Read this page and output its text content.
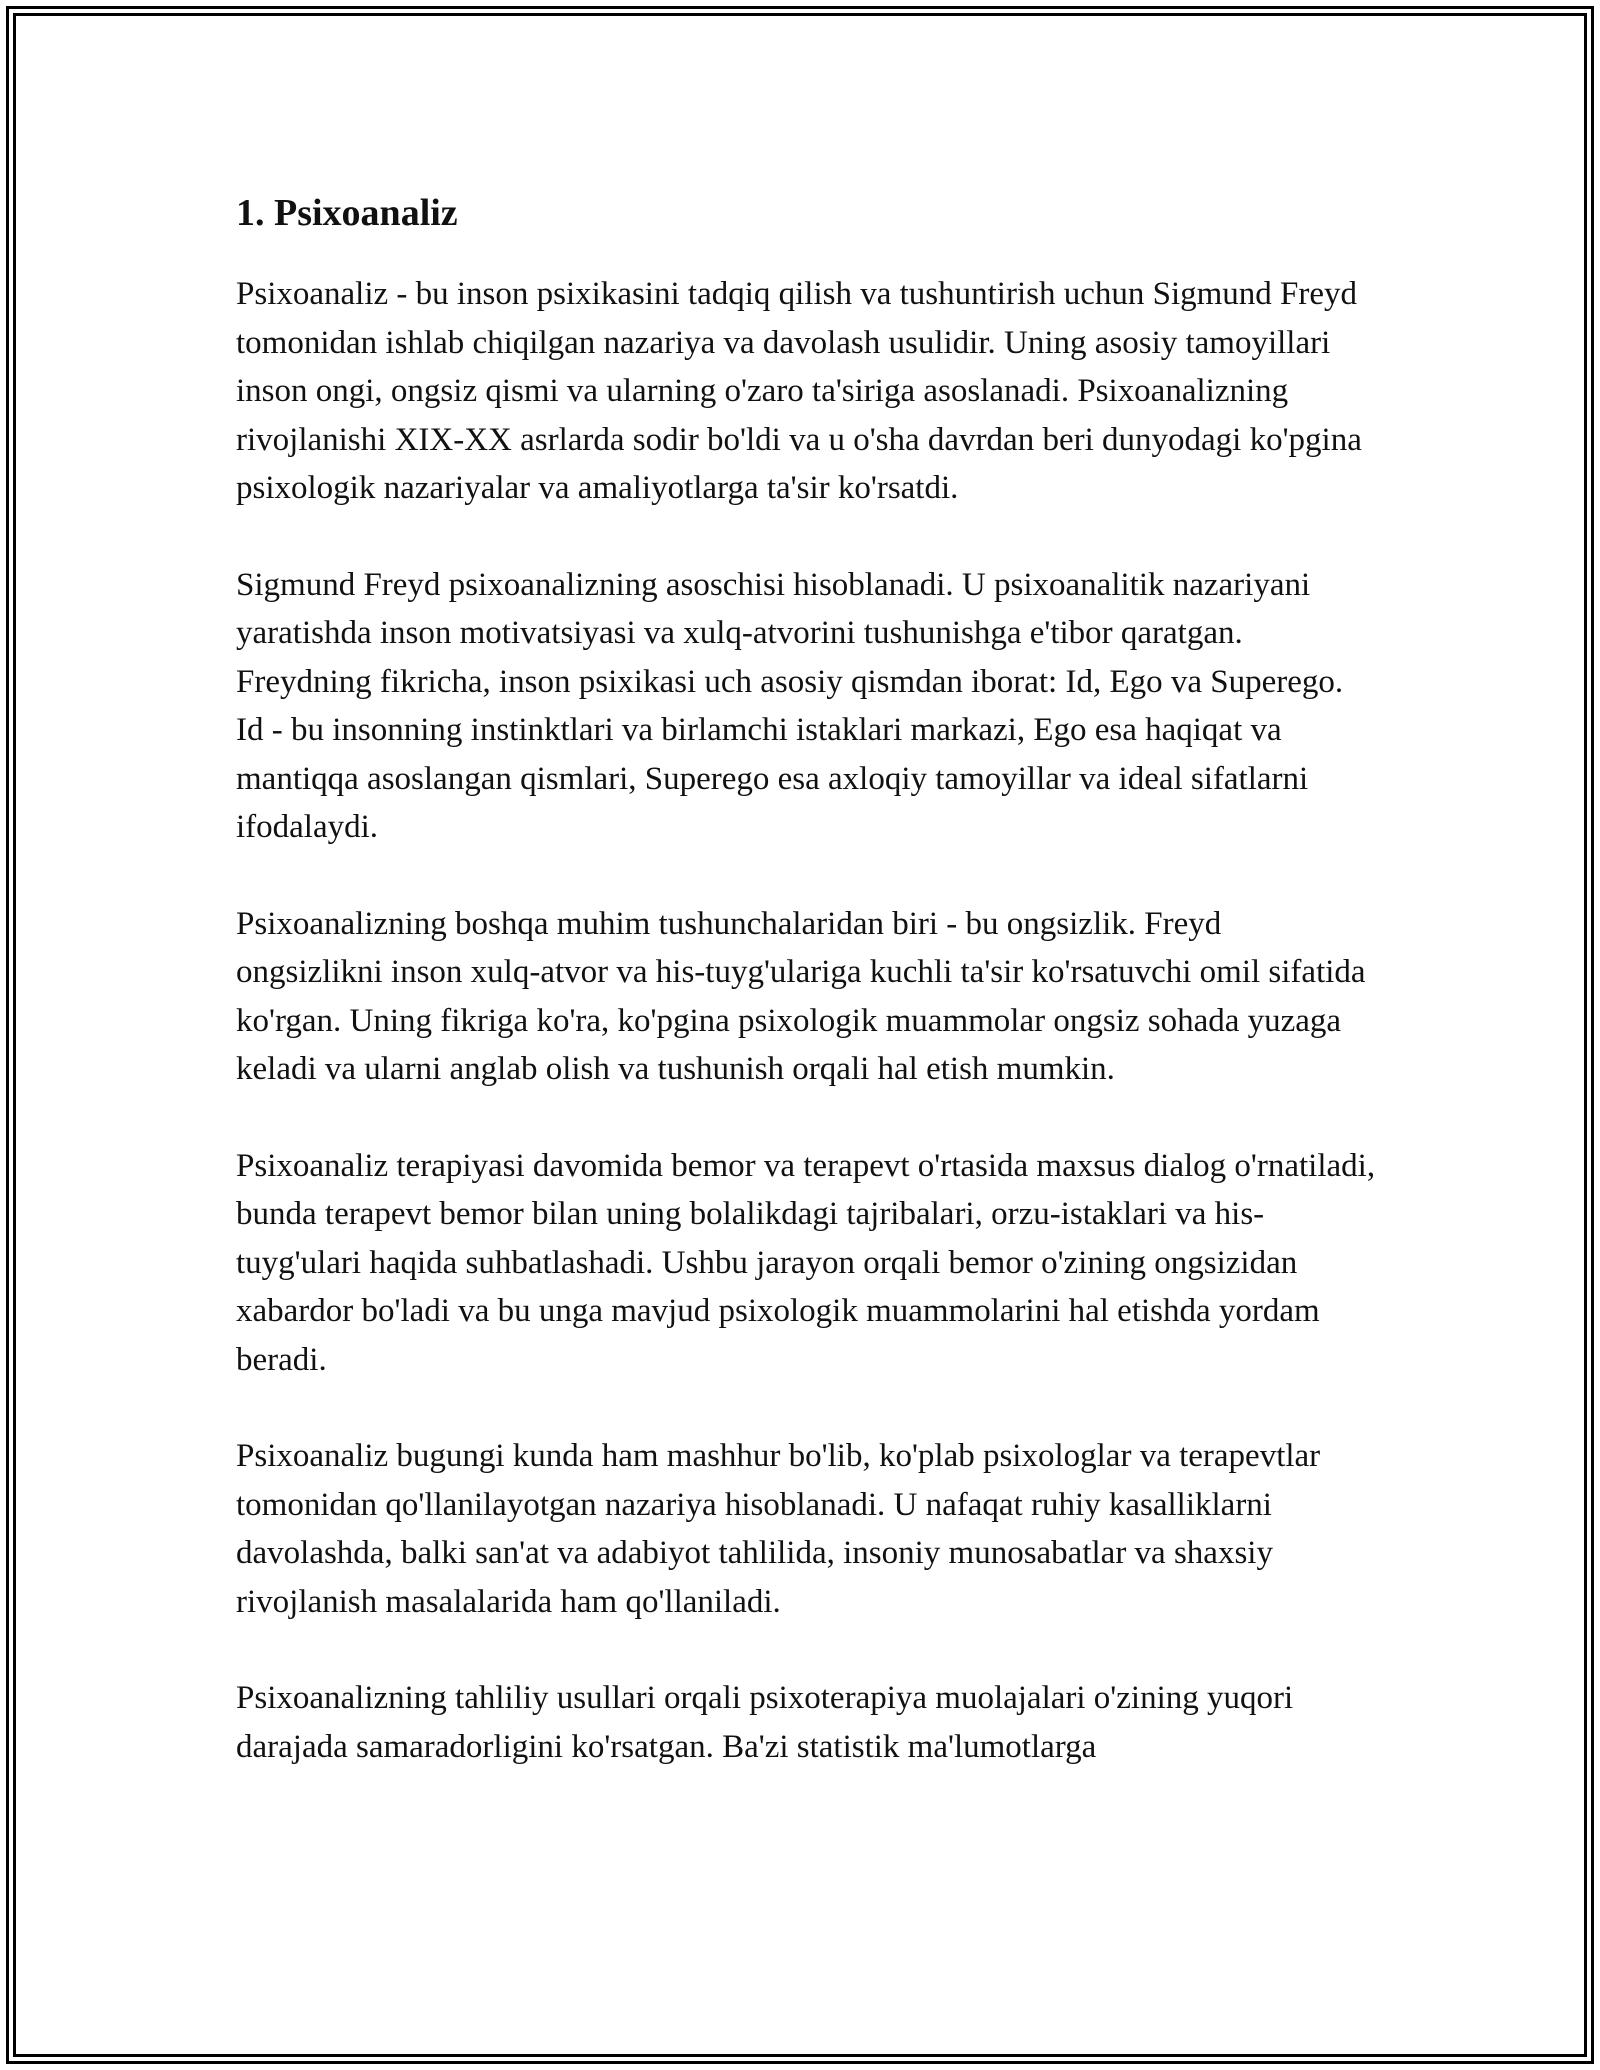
1. Psixoanaliz

Psixoanaliz - bu inson psixikasini tadqiq qilish va tushuntirish uchun Sigmund Freyd tomonidan ishlab chiqilgan nazariya va davolash usulidir. Uning asosiy tamoyillari inson ongi, ongsiz qismi va ularning o'zaro ta'siriga asoslanadi. Psixoanalizning rivojlanishi XIX-XX asrlarda sodir bo'ldi va u o'sha davrdan beri dunyodagi ko'pgina psixologik nazariyalar va amaliyotlarga ta'sir ko'rsatdi.

Sigmund Freyd psixoanalizning asoschisi hisoblanadi. U psixoanalitik nazariyani yaratishda inson motivatsiyasi va xulq-atvorini tushunishga e'tibor qaratgan. Freydning fikricha, inson psixikasi uch asosiy qismdan iborat: Id, Ego va Superego. Id - bu insonning instinktlari va birlamchi istaklari markazi, Ego esa haqiqat va mantiqqa asoslangan qismlari, Superego esa axloqiy tamoyillar va ideal sifatlarni ifodalaydi.

Psixoanalizning boshqa muhim tushunchalaridan biri - bu ongsizlik. Freyd ongsizlikni inson xulq-atvor va his-tuyg'ulariga kuchli ta'sir ko'rsatuvchi omil sifatida ko'rgan. Uning fikriga ko'ra, ko'pgina psixologik muammolar ongsiz sohada yuzaga keladi va ularni anglab olish va tushunish orqali hal etish mumkin.

Psixoanaliz terapiyasi davomida bemor va terapevt o'rtasida maxsus dialog o'rnatiladi, bunda terapevt bemor bilan uning bolalikdagi tajribalari, orzu-istaklari va his-tuyg'ulari haqida suhbatlashadi. Ushbu jarayon orqali bemor o'zining ongsizidan xabardor bo'ladi va bu unga mavjud psixologik muammolarini hal etishda yordam beradi.

Psixoanaliz bugungi kunda ham mashhur bo'lib, ko'plab psixologlar va terapevtlar tomonidan qo'llanilayotgan nazariya hisoblanadi. U nafaqat ruhiy kasalliklarni davolashda, balki san'at va adabiyot tahlilida, insoniy munosabatlar va shaxsiy rivojlanish masalalarida ham qo'llaniladi.

Psixoanalizning tahliliy usullari orqali psixoterapiya muolajalari o'zining yuqori darajada samaradorligini ko'rsatgan. Ba'zi statistik ma'lumotlarga
